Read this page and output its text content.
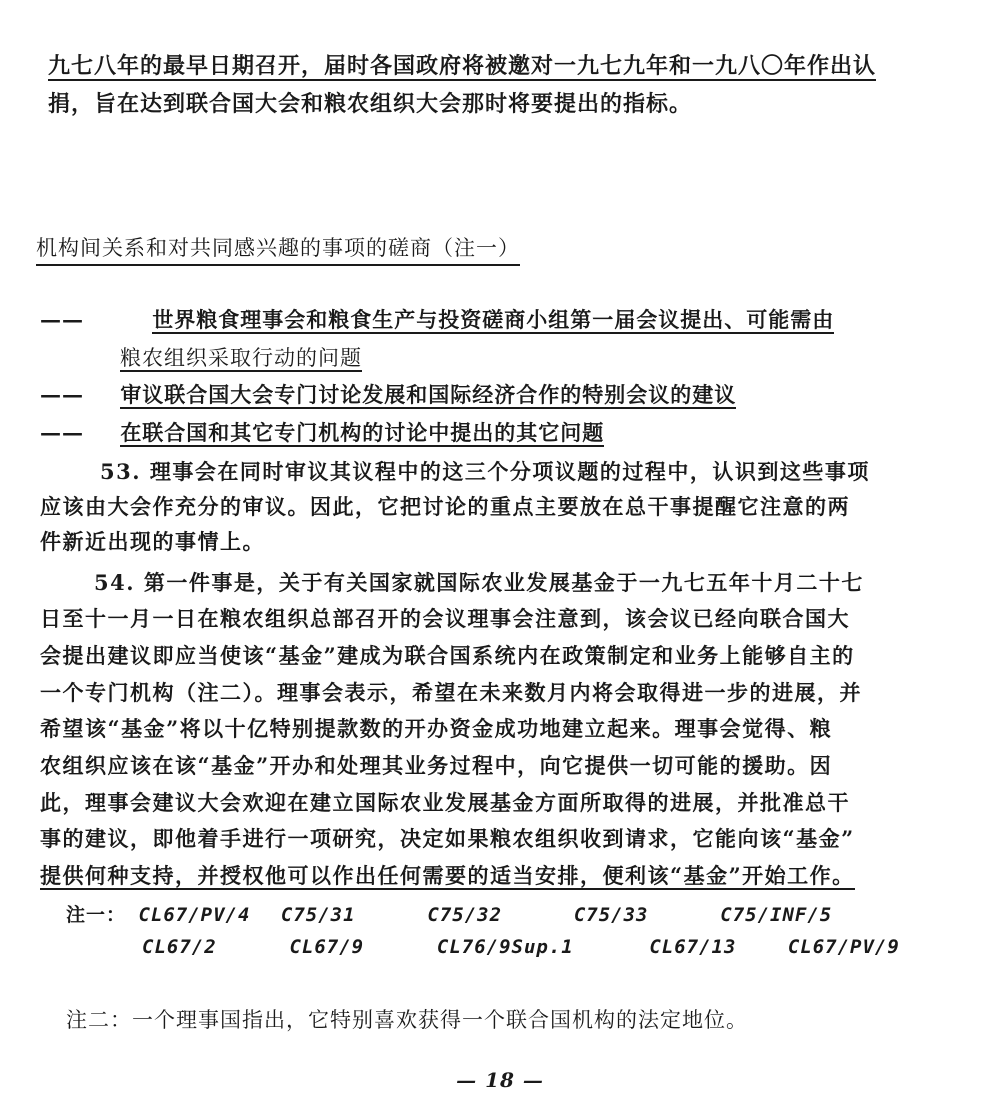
九七八年的最早日期召开，届时各国政府将被邀对一九七九年和一九八〇年作出认
捐，旨在达到联合国大会和粮农组织大会那时将要提出的指标。
机构间关系和对共同感兴趣的事项的磋商（注一）
——	世界粮食理事会和粮食生产与投资磋商小组第一届会议提出、可能需由
粮农组织采取行动的问题
—— 审议联合国大会专门讨论发展和国际经济合作的特别会议的建议
—— 在联合国和其它专门机构的讨论中提出的其它问题
53. 理事会在同时审议其议程中的这三个分项议题的过程中，认识到这些事项
应该由大会作充分的审议。因此，它把讨论的重点主要放在总干事提醒它注意的两
件新近出现的事情上。
54. 第一件事是，关于有关国家就国际农业发展基金于一九七五年十月二十七
日至十一月一日在粮农组织总部召开的会议理事会注意到，该会议已经向联合国大
会提出建议即应当使该“基金”建成为联合国系统内在政策制定和业务上能够自主的
一个专门机构（注二）。理事会表示，希望在未来数月内将会取得进一步的进展，并
希望该“基金”将以十亿特别提款数的开办资金成功地建立起来。理事会觉得、粮
农组织应该在该“基金”开办和处理其业务过程中，向它提供一切可能的援助。因
此，理事会建议大会欢迎在建立国际农业发展基金方面所取得的进展，并批准总干
事的建议，即他着手进行一项研究，决定如果粮农组织收到请求，它能向该“基金”
提供何种支持，并授权他可以作出任何需要的适当安排，便利该“基金”开始工作。
注一： CL67/PV/4 C75/31	C75/32	C75/33	C75/INF/5
CL67/2	CL67/9	CL76/9Sup.1	CL67/13	CL67/PV/9
注二：一个理事国指出，它特别喜欢获得一个联合国机构的法定地位。
— 18 —
